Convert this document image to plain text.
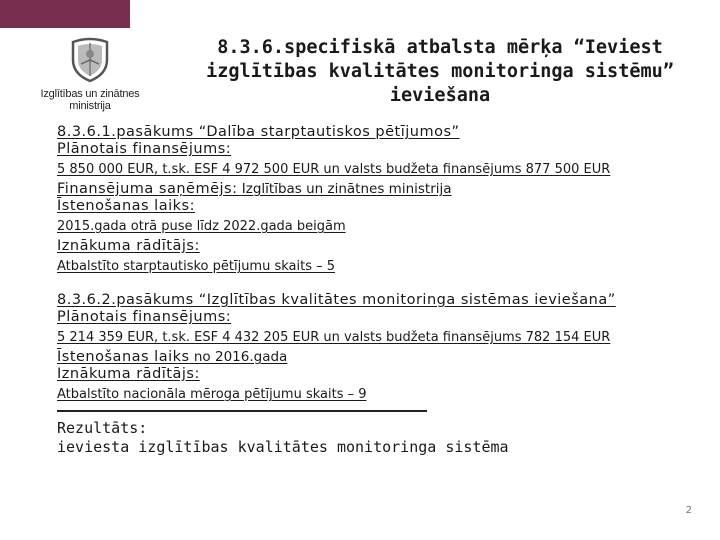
Izglītības un zinātnes
ministrija
8.3.6.specifiskā atbalsta mērķa “Ieviest izglītības kvalitātes monitoringa sistēmu” ieviešana
8.3.6.1.pasākums “Dalība starptautiskos pētījumos”
Plānotais finansējums:
5 850 000 EUR, t.sk. ESF 4 972 500 EUR un valsts budžeta finansējums 877 500 EUR
Finansējuma saņēmējs: Izglītības un zinātnes ministrija
Īstenošanas laiks:
2015.gada otrā puse līdz 2022.gada beigām
Iznākuma rādītājs:
Atbalstīto starptautisko pētījumu skaits – 5
8.3.6.2.pasākums “Izglītības kvalitātes monitoringa sistēmas ieviešana”
Plānotais finansējums:
5 214 359 EUR, t.sk. ESF 4 432 205 EUR un valsts budžeta finansējums 782 154 EUR
Īstenošanas laiks no 2016.gada
Iznākuma rādītājs:
Atbalstīto nacionāla mēroga pētījumu skaits – 9
Rezultāts:
ieviesta izglītības kvalitātes monitoringa sistēma
2
